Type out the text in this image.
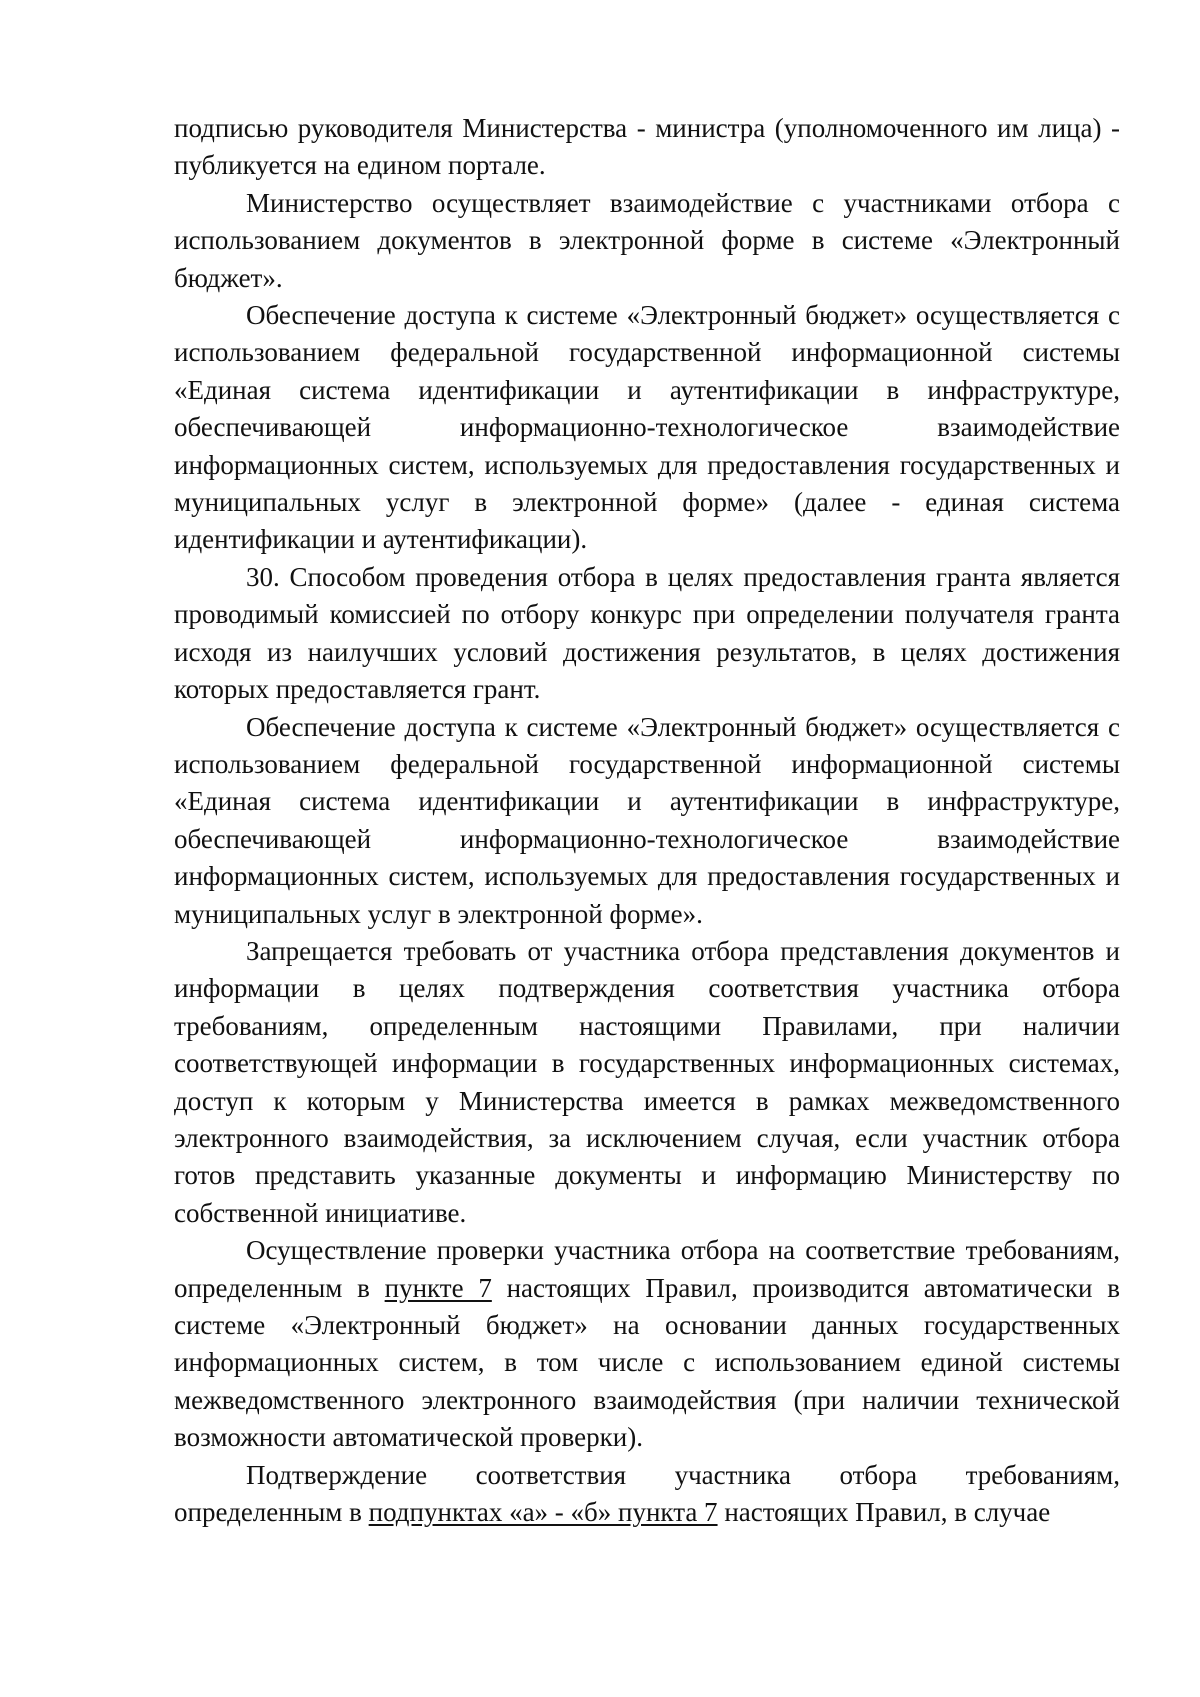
подписью руководителя Министерства - министра (уполномоченного им лица) - публикуется на едином портале.

Министерство осуществляет взаимодействие с участниками отбора с использованием документов в электронной форме в системе «Электронный бюджет».

Обеспечение доступа к системе «Электронный бюджет» осуществляется с использованием федеральной государственной информационной системы «Единая система идентификации и аутентификации в инфраструктуре, обеспечивающей информационно-технологическое взаимодействие информационных систем, используемых для предоставления государственных и муниципальных услуг в электронной форме» (далее - единая система идентификации и аутентификации).

30. Способом проведения отбора в целях предоставления гранта является проводимый комиссией по отбору конкурс при определении получателя гранта исходя из наилучших условий достижения результатов, в целях достижения которых предоставляется грант.

Обеспечение доступа к системе «Электронный бюджет» осуществляется с использованием федеральной государственной информационной системы «Единая система идентификации и аутентификации в инфраструктуре, обеспечивающей информационно-технологическое взаимодействие информационных систем, используемых для предоставления государственных и муниципальных услуг в электронной форме».

Запрещается требовать от участника отбора представления документов и информации в целях подтверждения соответствия участника отбора требованиям, определенным настоящими Правилами, при наличии соответствующей информации в государственных информационных системах, доступ к которым у Министерства имеется в рамках межведомственного электронного взаимодействия, за исключением случая, если участник отбора готов представить указанные документы и информацию Министерству по собственной инициативе.

Осуществление проверки участника отбора на соответствие требованиям, определенным в пункте 7 настоящих Правил, производится автоматически в системе «Электронный бюджет» на основании данных государственных информационных систем, в том числе с использованием единой системы межведомственного электронного взаимодействия (при наличии технической возможности автоматической проверки).

Подтверждение соответствия участника отбора требованиям, определенным в подпунктах «а» - «б» пункта 7 настоящих Правил, в случае
